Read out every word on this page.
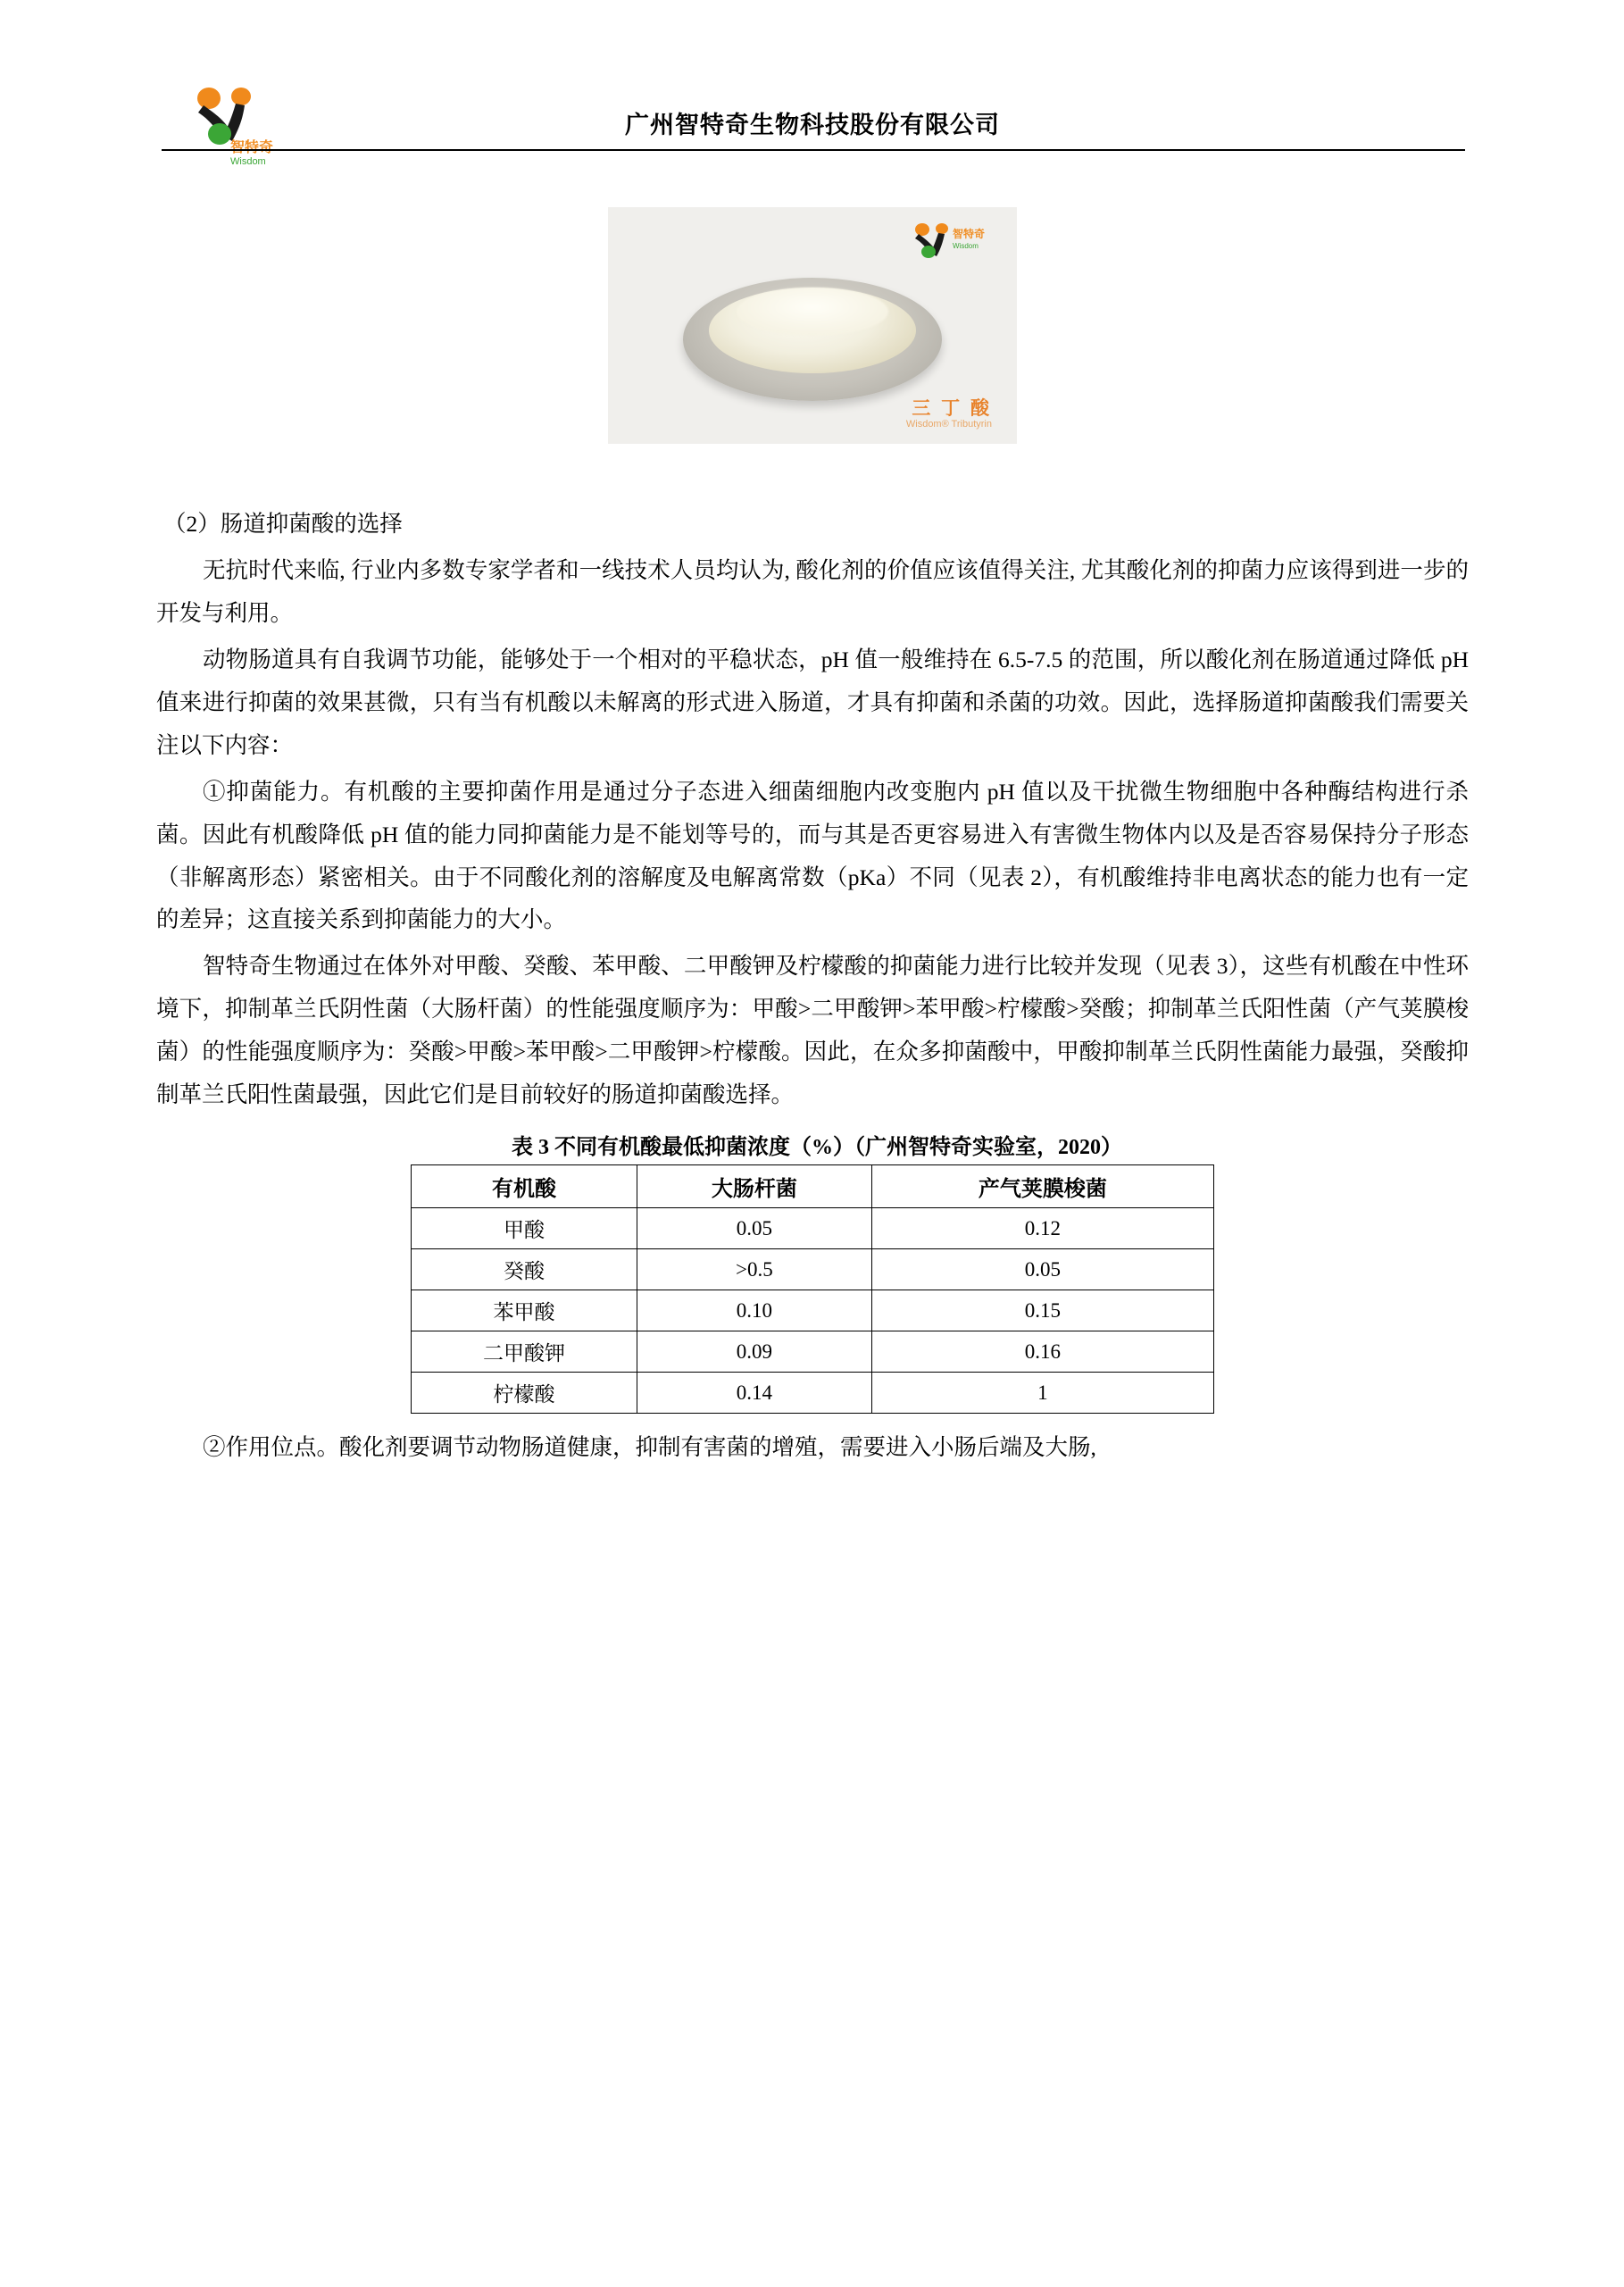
智特奇
Wisdom
广州智特奇生物科技股份有限公司
智特奇
Wisdom
三 丁 酸
Wisdom® Tributyrin

（2）肠道抑菌酸的选择

无抗时代来临, 行业内多数专家学者和一线技术人员均认为, 酸化剂的价值应该值得关注, 尤其酸化剂的抑菌力应该得到进一步的开发与利用。

动物肠道具有自我调节功能，能够处于一个相对的平稳状态，pH 值一般维持在 6.5-7.5 的范围，所以酸化剂在肠道通过降低 pH 值来进行抑菌的效果甚微，只有当有机酸以未解离的形式进入肠道，才具有抑菌和杀菌的功效。因此，选择肠道抑菌酸我们需要关注以下内容：

①抑菌能力。有机酸的主要抑菌作用是通过分子态进入细菌细胞内改变胞内 pH 值以及干扰微生物细胞中各种酶结构进行杀菌。因此有机酸降低 pH 值的能力同抑菌能力是不能划等号的，而与其是否更容易进入有害微生物体内以及是否容易保持分子形态（非解离形态）紧密相关。由于不同酸化剂的溶解度及电解离常数（pKa）不同（见表 2），有机酸维持非电离状态的能力也有一定的差异；这直接关系到抑菌能力的大小。

智特奇生物通过在体外对甲酸、癸酸、苯甲酸、二甲酸钾及柠檬酸的抑菌能力进行比较并发现（见表 3），这些有机酸在中性环境下，抑制革兰氏阴性菌（大肠杆菌）的性能强度顺序为：甲酸>二甲酸钾>苯甲酸>柠檬酸>癸酸；抑制革兰氏阳性菌（产气荚膜梭菌）的性能强度顺序为：癸酸>甲酸>苯甲酸>二甲酸钾>柠檬酸。因此，在众多抑菌酸中，甲酸抑制革兰氏阴性菌能力最强，癸酸抑制革兰氏阳性菌最强，因此它们是目前较好的肠道抑菌酸选择。

表 3 不同有机酸最低抑菌浓度（%）（广州智特奇实验室，2020）
有机酸	大肠杆菌	产气荚膜梭菌
甲酸	0.05	0.12
癸酸	>0.5	0.05
苯甲酸	0.10	0.15
二甲酸钾	0.09	0.16
柠檬酸	0.14	1

②作用位点。酸化剂要调节动物肠道健康，抑制有害菌的增殖，需要进入小肠后端及大肠,
